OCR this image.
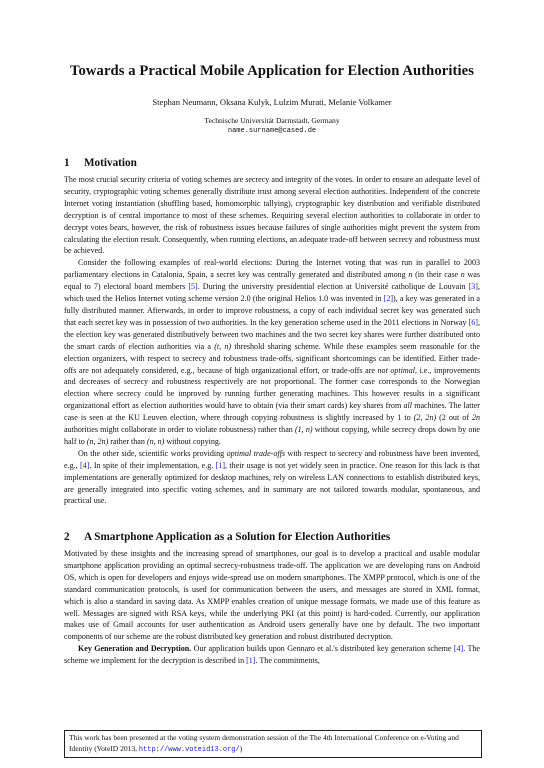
Towards a Practical Mobile Application for Election Authorities
Stephan Neumann, Oksana Kulyk, Lulzim Murati, Melanie Volkamer
Technische Universität Darmstadt, Germany
name.surname@cased.de
1 Motivation

The most crucial security criteria of voting schemes are secrecy and integrity of the votes. In order to ensure an adequate level of security, cryptographic voting schemes generally distribute trust among several election authorities. Independent of the concrete Internet voting instantiation (shuffling based, homomorphic tallying), cryptographic key distribution and verifiable distributed decryption is of central importance to most of these schemes. Requiring several election authorities to collaborate in order to decrypt votes bears, however, the risk of robustness issues because failures of single authorities might prevent the system from calculating the election result. Consequently, when running elections, an adequate trade-off between secrecy and robustness must be achieved.

Consider the following examples of real-world elections: During the Internet voting that was run in parallel to 2003 parliamentary elections in Catalonia, Spain, a secret key was centrally generated and distributed among n (in their case n was equal to 7) electoral board members [5]. During the university presidential election at Université catholique de Louvain [3], which used the Helios Internet voting scheme version 2.0 (the original Helios 1.0 was invented in [2]), a key was generated in a fully distributed manner. Afterwards, in order to improve robustness, a copy of each individual secret key was generated such that each secret key was in possession of two authorities. In the key generation scheme used in the 2011 elections in Norway [6], the election key was generated distributively between two machines and the two secret key shares were further distributed onto the smart cards of election authorities via a (t, n) threshold sharing scheme. While these examples seem reasonable for the election organizers, with respect to secrecy and robustness trade-offs, significant shortcomings can be identified. Either trade-offs are not adequately considered, e.g., because of high organizational effort, or trade-offs are not optimal, i.e., improvements and decreases of secrecy and robustness respectively are not proportional. The former case corresponds to the Norwegian election where secrecy could be improved by running further generating machines. This however results in a significant organizational effort as election authorities would have to obtain (via their smart cards) key shares from all machines. The latter case is seen at the KU Leuven election, where through copying robustness is slightly increased by 1 to (2, 2n) (2 out of 2n authorities might collaborate in order to violate robustness) rather than (1, n) without copying, while secrecy drops down by one half to (n, 2n) rather than (n, n) without copying.

On the other side, scientific works providing optimal trade-offs with respect to secrecy and robustness have been invented, e.g., [4]. In spite of their implementation, e.g. [1], their usage is not yet widely seen in practice. One reason for this lack is that implementations are generally optimized for desktop machines, rely on wireless LAN connections to establish distributed keys, are generally integrated into specific voting schemes, and in summary are not tailored towards modular, spontaneous, and practical use.

2 A Smartphone Application as a Solution for Election Authorities

Motivated by these insights and the increasing spread of smartphones, our goal is to develop a practical and usable modular smartphone application providing an optimal secrecy-robustness trade-off. The application we are developing runs on Android OS, which is open for developers and enjoys wide-spread use on modern smartphones. The XMPP protocol, which is one of the standard communication protocols, is used for communication between the users, and messages are stored in XML format, which is also a standard in saving data. As XMPP enables creation of unique message formats, we made use of this feature as well. Messages are signed with RSA keys, while the underlying PKI (at this point) is hard-coded. Currently, our application makes use of Gmail accounts for user authentication as Android users generally have one by default. The two important components of our scheme are the robust distributed key generation and robust distributed decryption.

Key Generation and Decryption. Our application builds upon Gennaro et al.'s distributed key generation scheme [4]. The scheme we implement for the decryption is described in [1]. The commitments,

This work has been presented at the voting system demonstration session of the The 4th International Conference on e-Voting and Identity (VoteID 2013, http://www.voteid13.org/)
